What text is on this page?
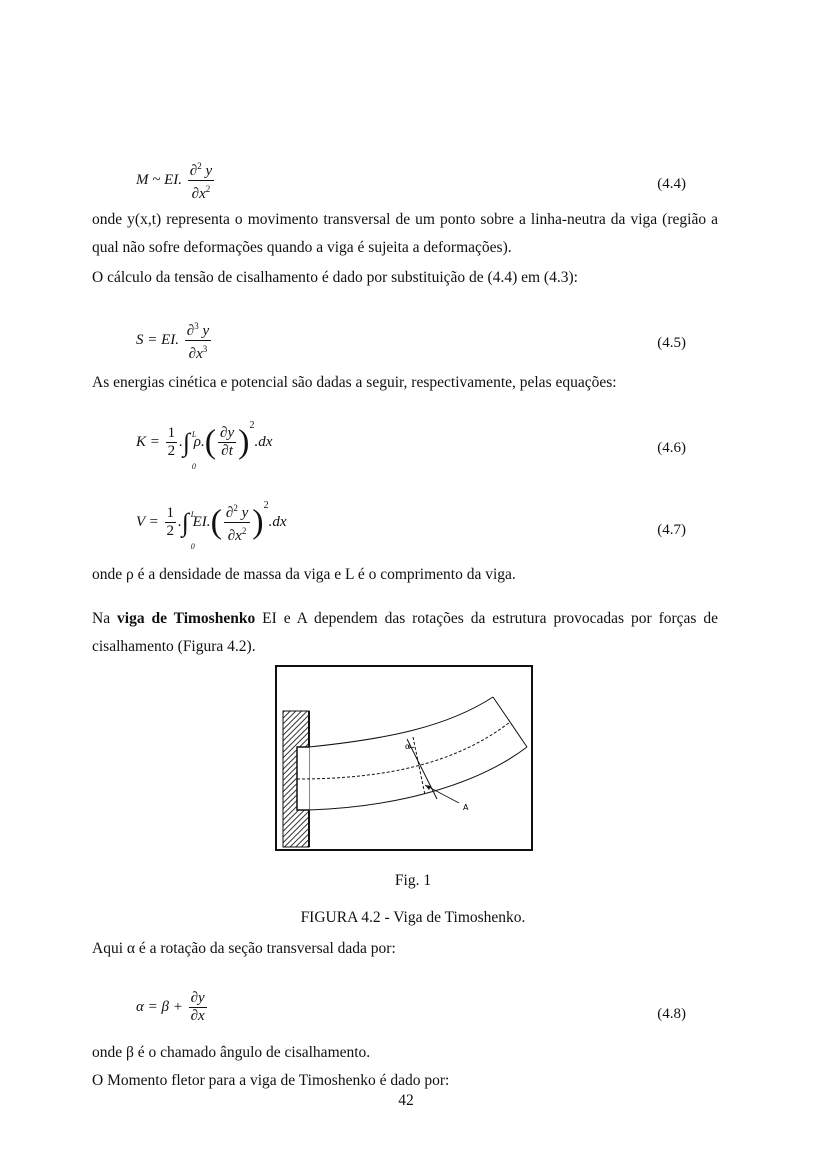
M ~ EI. $\frac{\partial^2 y}{\partial x^2}$	(4.4)
onde y(x,t) representa o movimento transversal de um ponto sobre a linha-neutra da viga (região a qual não sofre deformações quando a viga é sujeita a deformações).
O cálculo da tensão de cisalhamento é dado por substituição de (4.4) em (4.3):
S = EI. $\frac{\partial^3 y}{\partial x^3}$	(4.5)
As energias cinética e potencial são dadas a seguir, respectivamente, pelas equações:
$K = \frac{1}{2}$ .∫ L
0
$\rho.( \frac{\partial y}{\partial t} )^2.dx$	(4.6)
$V = \frac{1}{2}$ .∫ L
0
$EI.( \frac{\partial^2 y}{\partial x^2} )^2.dx$	(4.7)
onde ρ é a densidade de massa da viga e L é o comprimento da viga.
Na viga de Timoshenko EI e A dependem das rotações da estrutura provocadas por forças de cisalhamento (Figura 4.2).
α
A
Fig. 1
FIGURA 4.2 - Viga de Timoshenko.
Aqui α é a rotação da seção transversal dada por:
$\alpha = \beta + \frac{\partial y}{\partial x}$	(4.8)
onde β é o chamado ângulo de cisalhamento.
O Momento fletor para a viga de Timoshenko é dado por:
42
